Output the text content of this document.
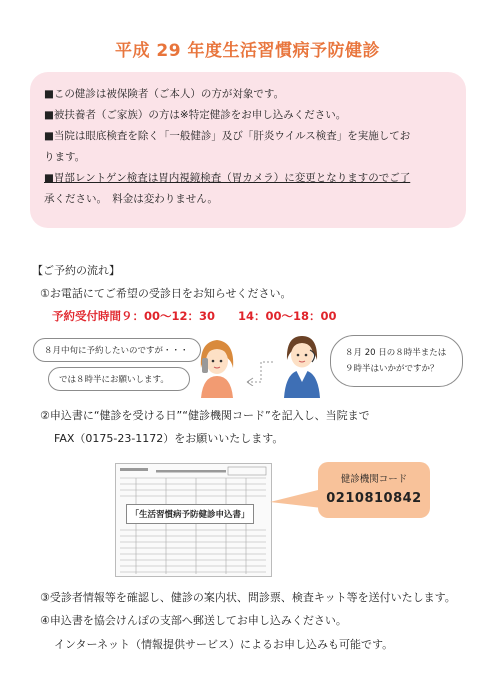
平成 29 年度生活習慣病予防健診

■この健診は被保険者（ご本人）の方が対象です。

■被扶養者（ご家族）の方は※特定健診をお申し込みください。

■当院は眼底検査を除く「一般健診」及び「肝炎ウイルス検査」を実施してお

ります。

■胃部レントゲン検査は胃内視鏡検査（胃カメラ）に変更となりますのでご了

承ください。　料金は変わりません。

【ご予約の流れ】
①お電話にてご希望の受診日をお知らせください。
予約受付時間９：00～12：30　　14：00～18：00
８月中旬に予約したいのですが・・・
では８時半にお願いします。
８月 20 日の８時半または
９時半はいかがですか？
②申込書に“健診を受ける日”“健診機関コード”を記入し、当院まで
FAX（0175-23-1172）をお願いいたします。
「生活習慣病予防健診申込書」
健診機関コード
0210810842
③受診者情報等を確認し、健診の案内状、問診票、検査キット等を送付いたします。
④申込書を協会けんぽの支部へ郵送してお申し込みください。
インターネット（情報提供サービス）によるお申し込みも可能です。
